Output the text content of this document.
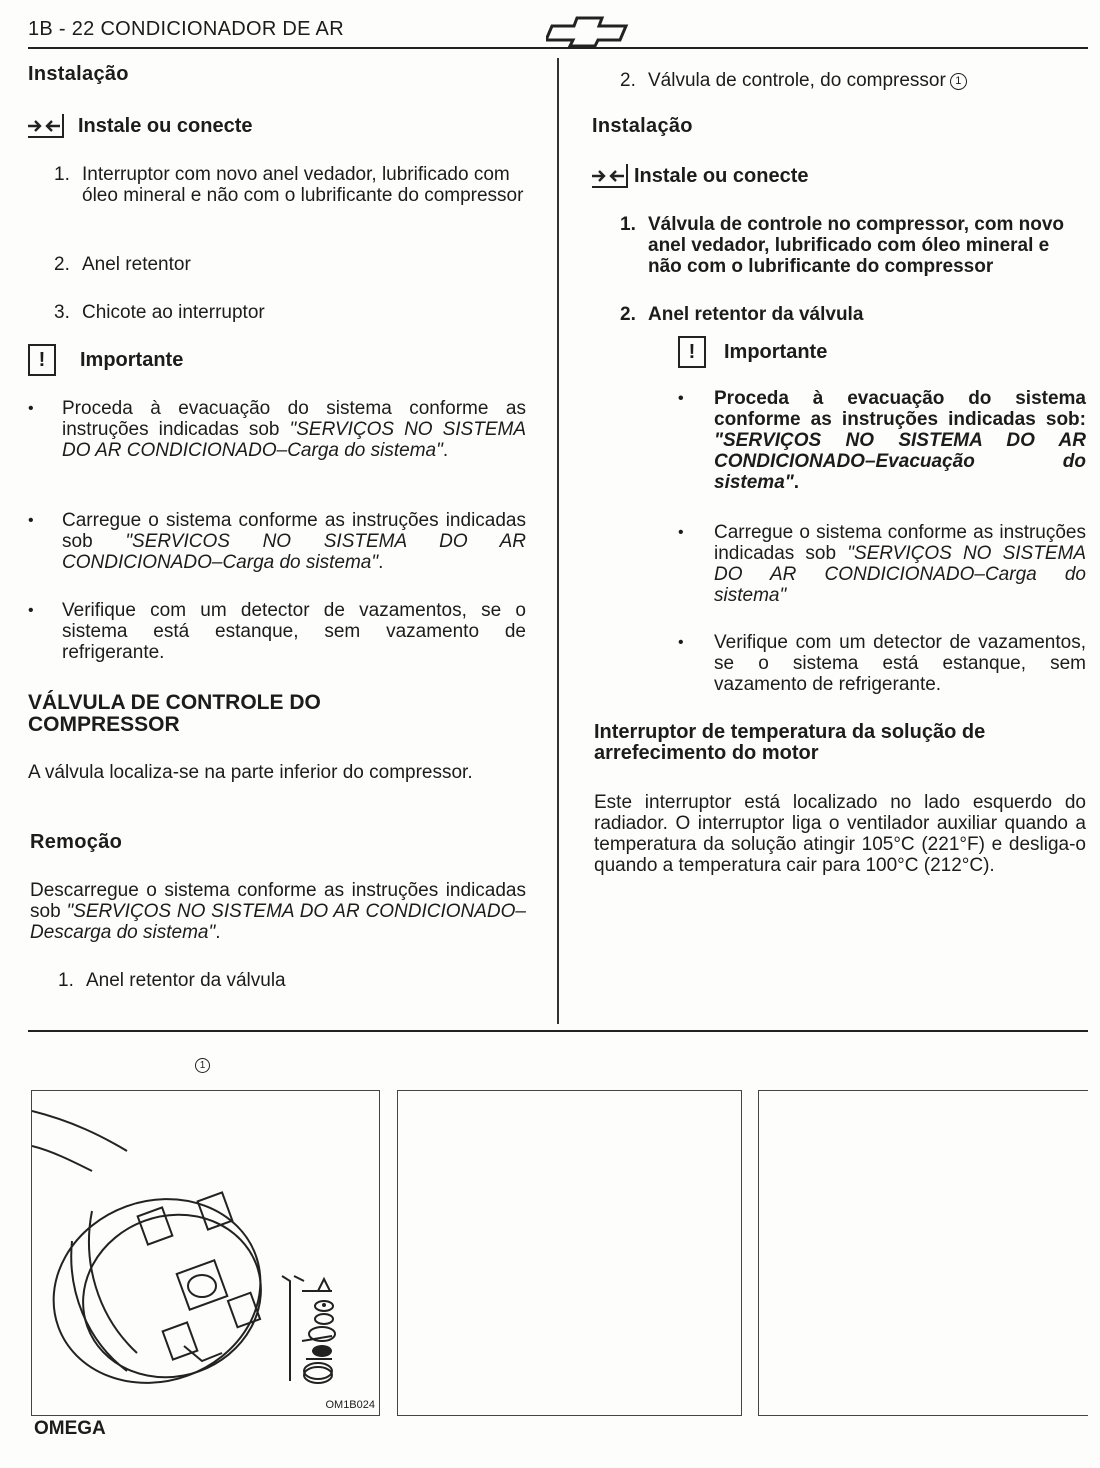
1B - 22 CONDICIONADOR DE AR
Instalação
Instale ou conecte
1. Interruptor com novo anel vedador, lubrificado com óleo mineral e não com o lubrificante do compressor
2. Anel retentor
3. Chicote ao interruptor
!	Importante
•	Proceda à evacuação do sistema conforme as instruções indicadas sob "SERVIÇOS NO SISTEMA DO AR CONDICIONADO–Carga do sistema".
•	Carregue o sistema conforme as instruções indicadas sob "SERVICOS NO SISTEMA DO AR CONDICIONADO–Carga do sistema".
•	Verifique com um detector de vazamentos, se o sistema está estanque, sem vazamento de refrigerante.
VÁLVULA DE CONTROLE DO COMPRESSOR
A válvula localiza-se na parte inferior do compressor.
Remoção
Descarregue o sistema conforme as instruções indicadas sob "SERVIÇOS NO SISTEMA DO AR CONDICIONADO–Descarga do sistema".
1. Anel retentor da válvula
2. Válvula de controle, do compressor 1
Instalação
Instale ou conecte
1. Válvula de controle no compressor, com novo anel vedador, lubrificado com óleo mineral e não com o lubrificante do compressor
2. Anel retentor da válvula
!	Importante
•	Proceda à evacuação do sistema conforme as instruções indicadas sob: "SERVIÇOS NO SISTEMA DO AR CONDICIONADO–Evacuação do sistema".
•	Carregue o sistema conforme as instruções indicadas sob "SERVIÇOS NO SISTEMA DO AR CONDICIONADO–Carga do sistema"
•	Verifique com um detector de vazamentos, se o sistema está estanque, sem vazamento de refrigerante.
Interruptor de temperatura da solução de arrefecimento do motor
Este interruptor está localizado no lado esquerdo do radiador. O interruptor liga o ventilador auxiliar quando a temperatura da solução atingir 105°C (221°F) e desliga-o quando a temperatura cair para 100°C (212°C).
1
OM1B024
OMEGA
